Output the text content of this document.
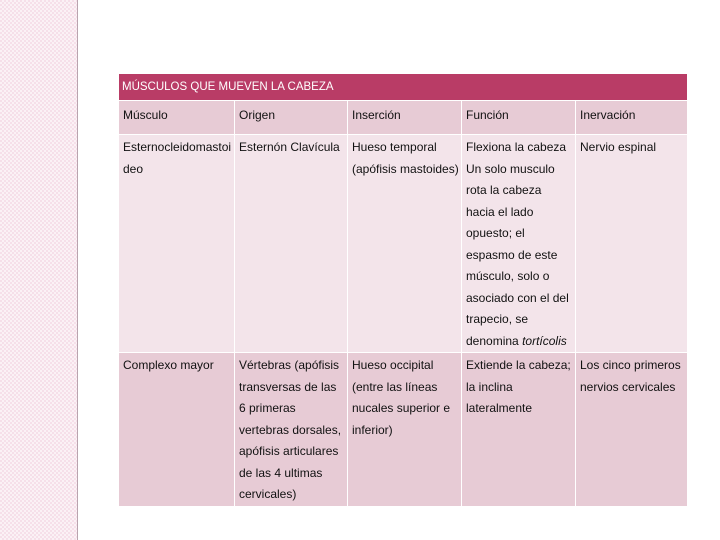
MÚSCULOS QUE MUEVEN LA CABEZA				
Músculo	Origen	Inserción	Función	Inervación
Esternocleidomastoideo	Esternón Clavícula	Hueso temporal (apófisis mastoides)	Flexiona la cabeza Un solo musculo rota la cabeza hacia el lado opuesto; el espasmo de este músculo, solo o asociado con el del trapecio, se denomina tortícolis	Nervio espinal
Complexo mayor	Vértebras (apófisis transversas de las 6 primeras vertebras dorsales, apófisis articulares de las 4 ultimas cervicales)	Hueso occipital (entre las líneas nucales superior e inferior)	Extiende la cabeza; la inclina lateralmente	Los cinco primeros nervios cervicales
